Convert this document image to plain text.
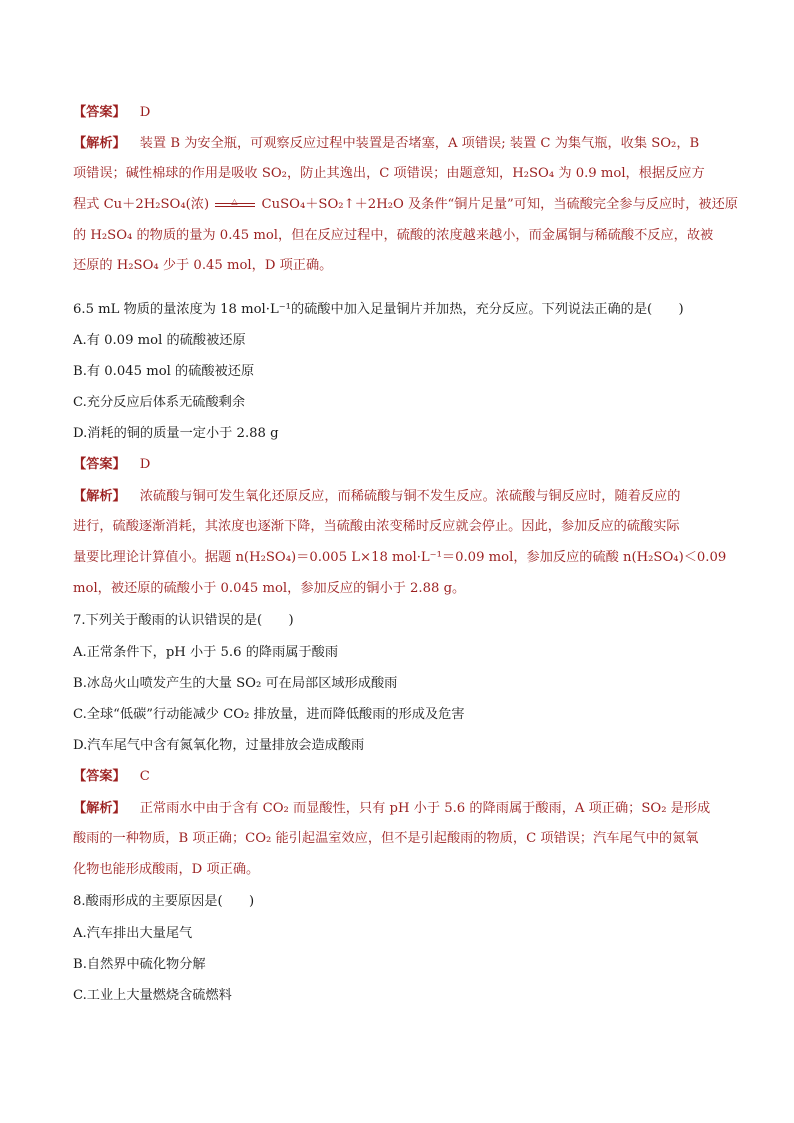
【答案】 D
【解析】 装置 B 为安全瓶，可观察反应过程中装置是否堵塞，A 项错误; 装置 C 为集气瓶，收集 SO₂，B
项错误；碱性棉球的作用是吸收 SO₂，防止其逸出，C 项错误；由题意知，H₂SO₄ 为 0.9 mol，根据反应方
程式 Cu＋2H₂SO₄(浓)	△ CuSO₄＋SO₂↑＋2H₂O 及条件“铜片足量”可知，当硫酸完全参与反应时，被还原
的 H₂SO₄ 的物质的量为 0.45 mol，但在反应过程中，硫酸的浓度越来越小，而金属铜与稀硫酸不反应，故被
还原的 H₂SO₄ 少于 0.45 mol，D 项正确。
6.5 mL 物质的量浓度为 18 mol·L⁻¹的硫酸中加入足量铜片并加热，充分反应。下列说法正确的是(　　)
A.有 0.09 mol 的硫酸被还原
B.有 0.045 mol 的硫酸被还原
C.充分反应后体系无硫酸剩余
D.消耗的铜的质量一定小于 2.88 g
【答案】 D
【解析】 浓硫酸与铜可发生氧化还原反应，而稀硫酸与铜不发生反应。浓硫酸与铜反应时，随着反应的
进行，硫酸逐渐消耗，其浓度也逐渐下降，当硫酸由浓变稀时反应就会停止。因此，参加反应的硫酸实际
量要比理论计算值小。据题 n(H₂SO₄)＝0.005 L×18 mol·L⁻¹＝0.09 mol，参加反应的硫酸 n(H₂SO₄)＜0.09
mol，被还原的硫酸小于 0.045 mol，参加反应的铜小于 2.88 g。
7.下列关于酸雨的认识错误的是(　　)
A.正常条件下，pH 小于 5.6 的降雨属于酸雨
B.冰岛火山喷发产生的大量 SO₂ 可在局部区域形成酸雨
C.全球“低碳”行动能减少 CO₂ 排放量，进而降低酸雨的形成及危害
D.汽车尾气中含有氮氧化物，过量排放会造成酸雨
【答案】 C
【解析】 正常雨水中由于含有 CO₂ 而显酸性，只有 pH 小于 5.6 的降雨属于酸雨，A 项正确；SO₂ 是形成
酸雨的一种物质，B 项正确；CO₂ 能引起温室效应，但不是引起酸雨的物质，C 项错误；汽车尾气中的氮氧
化物也能形成酸雨，D 项正确。
8.酸雨形成的主要原因是(　　)
A.汽车排出大量尾气
B.自然界中硫化物分解
C.工业上大量燃烧含硫燃料
